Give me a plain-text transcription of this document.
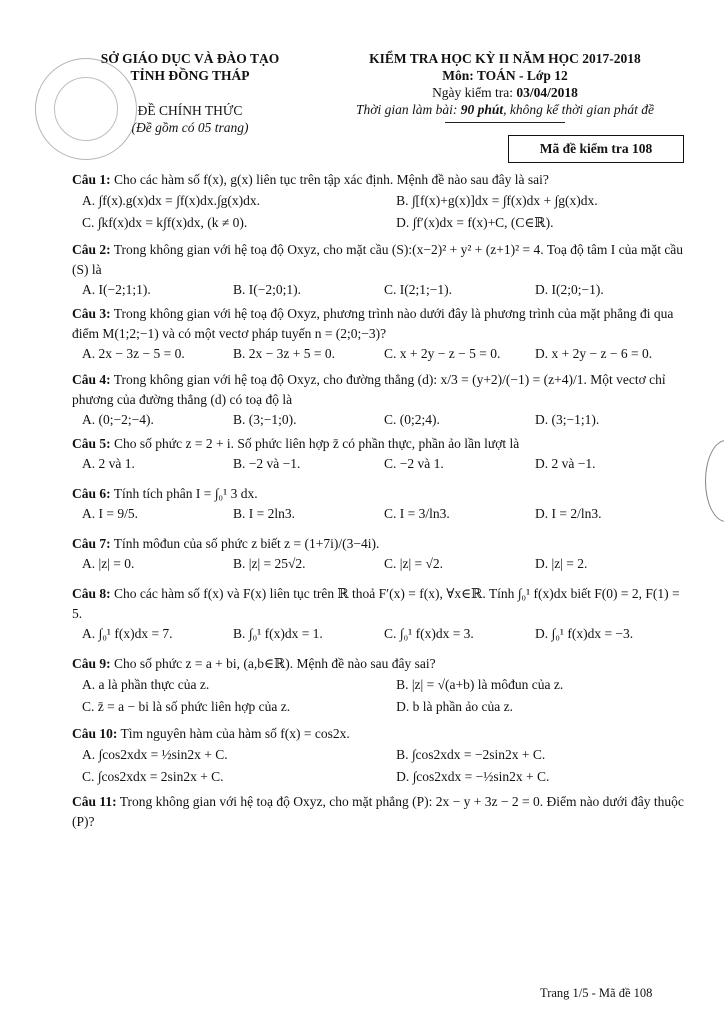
SỞ GIÁO DỤC VÀ ĐÀO TẠO
TỈNH ĐỒNG THÁP
ĐỀ CHÍNH THỨC
(Đề gồm có 05 trang)
KIỂM TRA HỌC KỲ II NĂM HỌC 2017-2018
Môn: TOÁN - Lớp 12
Ngày kiểm tra: 03/04/2018
Thời gian làm bài: 90 phút, không kể thời gian phát đề
Mã đề kiểm tra 108
Câu 1: Cho các hàm số f(x), g(x) liên tục trên tập xác định. Mệnh đề nào sau đây là sai?
A. ∫f(x).g(x)dx = ∫f(x)dx.∫g(x)dx.	B. ∫[f(x)+g(x)]dx = ∫f(x)dx + ∫g(x)dx.
C. ∫kf(x)dx = k∫f(x)dx, (k ≠ 0).	D. ∫f′(x)dx = f(x)+C, (C∈ℝ).
Câu 2: Trong không gian với hệ toạ độ Oxyz, cho mặt cầu (S):(x−2)² + y² + (z+1)² = 4. Toạ độ tâm I của mặt cầu (S) là
A. I(−2;1;1).	B. I(−2;0;1).	C. I(2;1;−1).	D. I(2;0;−1).
Câu 3: Trong không gian với hệ toạ độ Oxyz, phương trình nào dưới đây là phương trình của mặt phẳng đi qua điểm M(1;2;−1) và có một vectơ pháp tuyến n = (2;0;−3)?
A. 2x − 3z − 5 = 0.	B. 2x − 3z + 5 = 0.	C. x + 2y − z − 5 = 0.	D. x + 2y − z − 6 = 0.
Câu 4: Trong không gian với hệ toạ độ Oxyz, cho đường thẳng (d): x/3 = (y+2)/(−1) = (z+4)/1. Một vectơ chỉ phương của đường thẳng (d) có toạ độ là
A. (0;−2;−4).	B. (3;−1;0).	C. (0;2;4).	D. (3;−1;1).
Câu 5: Cho số phức z = 2 + i. Số phức liên hợp z̄ có phần thực, phần ảo lần lượt là
A. 2 và 1.	B. −2 và −1.	C. −2 và 1.	D. 2 và −1.
Câu 6: Tính tích phân I = ∫₀¹ 3 dx.
A. I = 9/5.	B. I = 2ln3.	C. I = 3/ln3.	D. I = 2/ln3.
Câu 7: Tính môđun của số phức z biết z = (1+7i)/(3−4i).
A. |z| = 0.	B. |z| = 25√2.	C. |z| = √2.	D. |z| = 2.
Câu 8: Cho các hàm số f(x) và F(x) liên tục trên ℝ thoả F′(x) = f(x), ∀x∈ℝ. Tính ∫₀¹ f(x)dx biết F(0) = 2, F(1) = 5.
A. ∫₀¹ f(x)dx = 7.	B. ∫₀¹ f(x)dx = 1.	C. ∫₀¹ f(x)dx = 3.	D. ∫₀¹ f(x)dx = −3.
Câu 9: Cho số phức z = a + bi, (a,b∈ℝ). Mệnh đề nào sau đây sai?
A. a là phần thực của z.	B. |z| = √(a+b) là môđun của z.
C. z̄ = a − bi là số phức liên hợp của z.	D. b là phần ảo của z.
Câu 10: Tìm nguyên hàm của hàm số f(x) = cos2x.
A. ∫cos2xdx = ½sin2x + C.	B. ∫cos2xdx = −2sin2x + C.
C. ∫cos2xdx = 2sin2x + C.	D. ∫cos2xdx = −½sin2x + C.
Câu 11: Trong không gian với hệ toạ độ Oxyz, cho mặt phẳng (P): 2x − y + 3z − 2 = 0. Điểm nào dưới đây thuộc (P)?
Trang 1/5 - Mã đề 108
